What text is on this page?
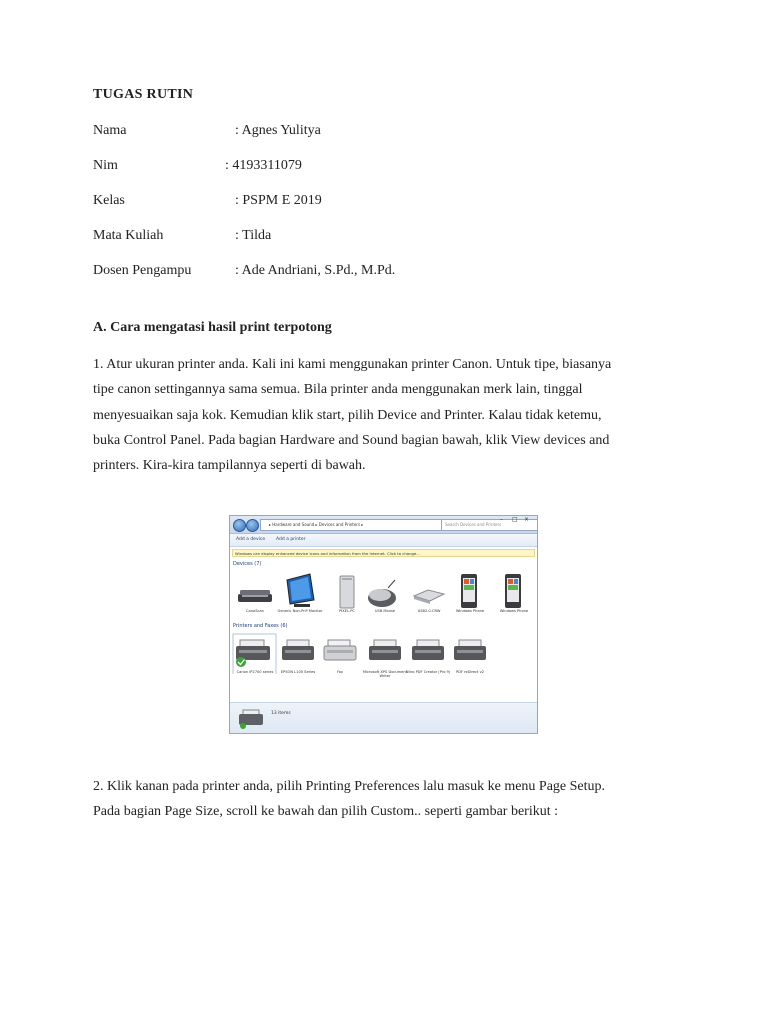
TUGAS RUTIN
Nama	: Agnes Yulitya
Nim	: 4193311079
Kelas	: PSPM E 2019
Mata Kuliah	: Tilda
Dosen Pengampu	: Ade Andriani, S.Pd., M.Pd.
A. Cara mengatasi hasil print terpotong
1. Atur ukuran printer anda. Kali ini kami menggunakan printer Canon. Untuk tipe, biasanya
tipe canon settingannya sama semua. Bila printer anda menggunakan merk lain, tinggal
menyesuaikan saja kok. Kemudian klik start, pilih Device and Printer. Kalau tidak ketemu,
buka Control Panel. Pada bagian Hardware and Sound bagian bawah, klik View devices and
printers. Kira-kira tampilannya seperti di bawah.
▸ Hardware and Sound ▸ Devices and Printers ▸	Search Devices and Printers
– □ ×
Add a device Add a printer
Windows can display enhanced device icons and information from the Internet. Click to change...
Devices (7)
CanoScan	Generic Non-PnP Monitor	PIXEL-PC	USB Mouse	USB2.0-CRW	Windows Phone	Windows Phone
Printers and Faxes (6)
Canon iP2700 series	EPSON L100 Series	Fax	Microsoft XPS Document Writer
Nitro PDF Creator (Pro 9)	PDF reDirect v2
13 items
2. Klik kanan pada printer anda, pilih Printing Preferences lalu masuk ke menu Page Setup.
Pada bagian Page Size, scroll ke bawah dan pilih Custom.. seperti gambar berikut :
